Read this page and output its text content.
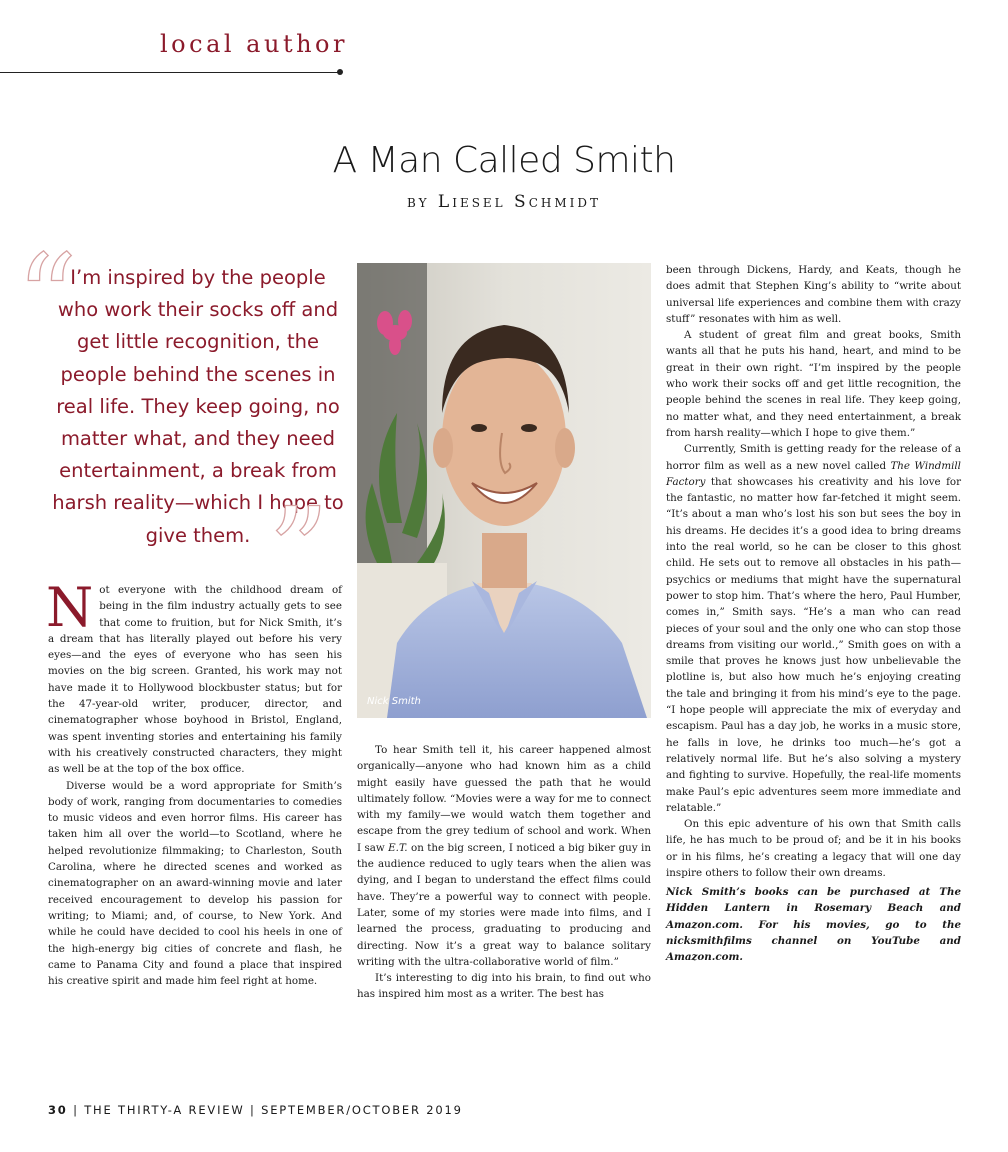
local author
A Man Called Smith
by Liesel Schmidt
“
I’m inspired by the people who work their socks off and get little recognition, the people behind the scenes in real life. They keep going, no matter what, and they need entertainment, a break from harsh reality—which I hope to give them. ”

Not everyone with the childhood dream of being in the film industry actually gets to see that come to fruition, but for Nick Smith, it’s a dream that has literally played out before his very eyes—and the eyes of everyone who has seen his movies on the big screen. Granted, his work may not have made it to Hollywood blockbuster status; but for the 47-year-old writer, producer, director, and cinematographer whose boyhood in Bristol, England, was spent inventing stories and entertaining his family with his creatively constructed characters, they might as well be at the top of the box office.

Diverse would be a word appropriate for Smith’s body of work, ranging from documentaries to comedies to music videos and even horror films. His career has taken him all over the world—to Scotland, where he helped revolutionize filmmaking; to Charleston, South Carolina, where he directed scenes and worked as cinematographer on an award-winning movie and later received encouragement to develop his passion for writing; to Miami; and, of course, to New York. And while he could have decided to cool his heels in one of the high-energy big cities of concrete and flash, he came to Panama City and found a place that inspired his creative spirit and made him feel right at home.

Nick Smith

To hear Smith tell it, his career happened almost organically—anyone who had known him as a child might easily have guessed the path that he would ultimately follow. “Movies were a way for me to connect with my family—we would watch them together and escape from the grey tedium of school and work. When I saw E.T. on the big screen, I noticed a big biker guy in the audience reduced to ugly tears when the alien was dying, and I began to understand the effect films could have. They’re a powerful way to connect with people. Later, some of my stories were made into films, and I learned the process, graduating to producing and directing. Now it’s a great way to balance solitary writing with the ultra-collaborative world of film.”

It’s interesting to dig into his brain, to find out who has inspired him most as a writer. The best has

been through Dickens, Hardy, and Keats, though he does admit that Stephen King’s ability to “write about universal life experiences and combine them with crazy stuff” resonates with him as well.

A student of great film and great books, Smith wants all that he puts his hand, heart, and mind to be great in their own right. “I’m inspired by the people who work their socks off and get little recognition, the people behind the scenes in real life. They keep going, no matter what, and they need entertainment, a break from harsh reality—which I hope to give them.”

Currently, Smith is getting ready for the release of a horror film as well as a new novel called The Windmill Factory that showcases his creativity and his love for the fantastic, no matter how far-fetched it might seem. “It’s about a man who’s lost his son but sees the boy in his dreams. He decides it’s a good idea to bring dreams into the real world, so he can be closer to this ghost child. He sets out to remove all obstacles in his path—psychics or mediums that might have the supernatural power to stop him. That’s where the hero, Paul Humber, comes in,” Smith says. “He’s a man who can read pieces of your soul and the only one who can stop those dreams from visiting our world.,” Smith goes on with a smile that proves he knows just how unbelievable the plotline is, but also how much he’s enjoying creating the tale and bringing it from his mind’s eye to the page. “I hope people will appreciate the mix of everyday and escapism. Paul has a day job, he works in a music store, he falls in love, he drinks too much—he’s got a relatively normal life. But he’s also solving a mystery and fighting to survive. Hopefully, the real-life moments make Paul’s epic adventures seem more immediate and relatable.”

On this epic adventure of his own that Smith calls life, he has much to be proud of; and be it in his books or in his films, he’s creating a legacy that will one day inspire others to follow their own dreams.

Nick Smith’s books can be purchased at The Hidden Lantern in Rosemary Beach and Amazon.com. For his movies, go to the nicksmithfilms channel on YouTube and Amazon.com.
30 | THE THIRTY-A REVIEW | SEPTEMBER/OCTOBER 2019
